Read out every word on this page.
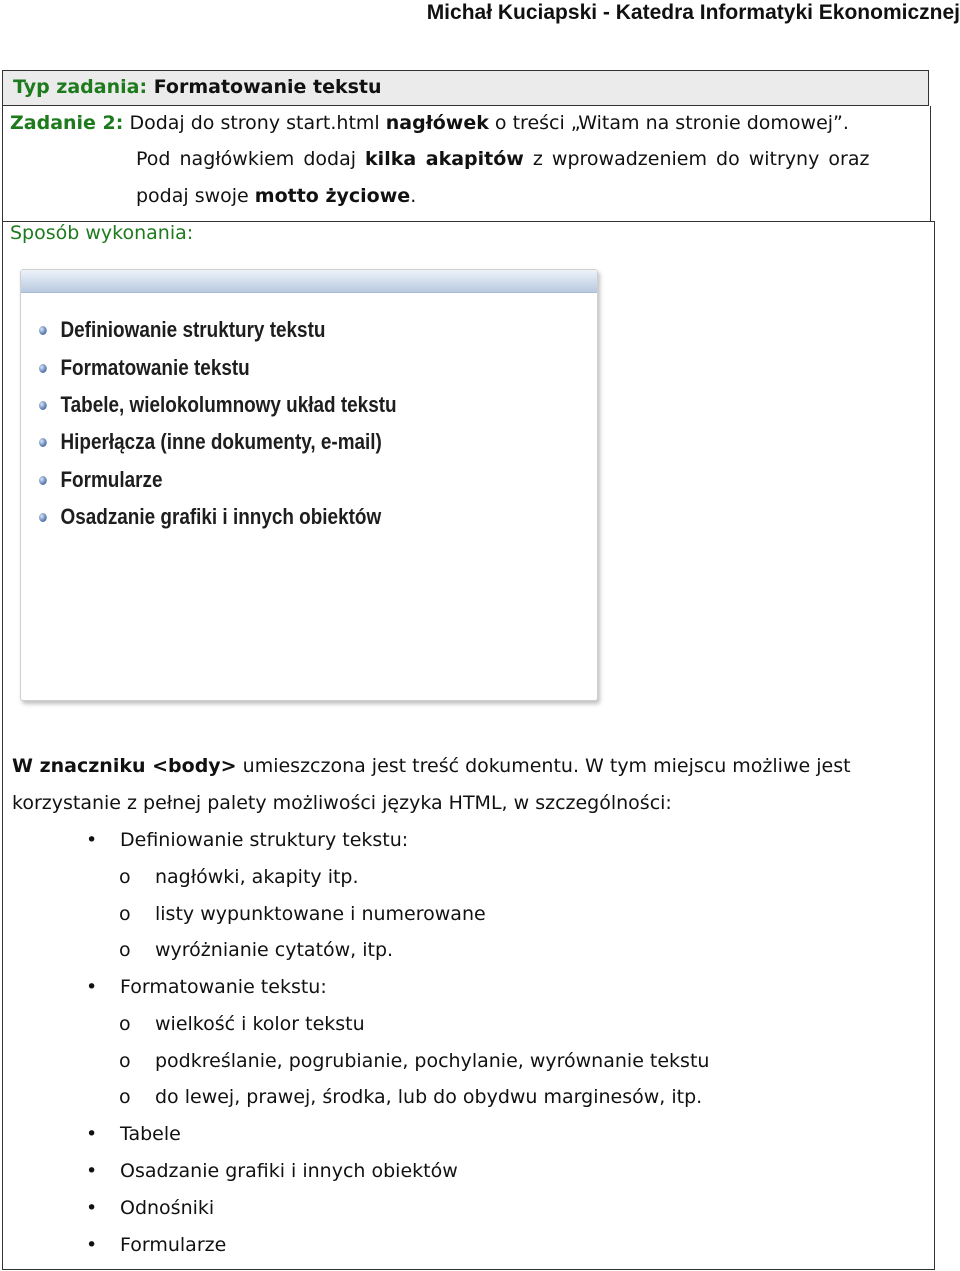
Michał Kuciapski - Katedra Informatyki Ekonomicznej
Typ zadania: Formatowanie tekstu
Zadanie 2: Dodaj do strony start.html nagłówek o treści „Witam na stronie domowej”.
Pod nagłówkiem dodaj kilka akapitów z wprowadzeniem do witryny oraz
podaj swoje motto życiowe.
Sposób wykonania:
Definiowanie struktury tekstu
Formatowanie tekstu
Tabele, wielokolumnowy układ tekstu
Hiperłącza (inne dokumenty, e-mail)
Formularze
Osadzanie grafiki i innych obiektów
W znaczniku <body> umieszczona jest treść dokumentu. W tym miejscu możliwe jest
korzystanie z pełnej palety możliwości języka HTML, w szczególności:
• Definiowanie struktury tekstu:
o nagłówki, akapity itp.
o listy wypunktowane i numerowane
o wyróżnianie cytatów, itp.
• Formatowanie tekstu:
o wielkość i kolor tekstu
o podkreślanie, pogrubianie, pochylanie, wyrównanie tekstu
o do lewej, prawej, środka, lub do obydwu marginesów, itp.
• Tabele
• Osadzanie grafiki i innych obiektów
• Odnośniki
• Formularze
